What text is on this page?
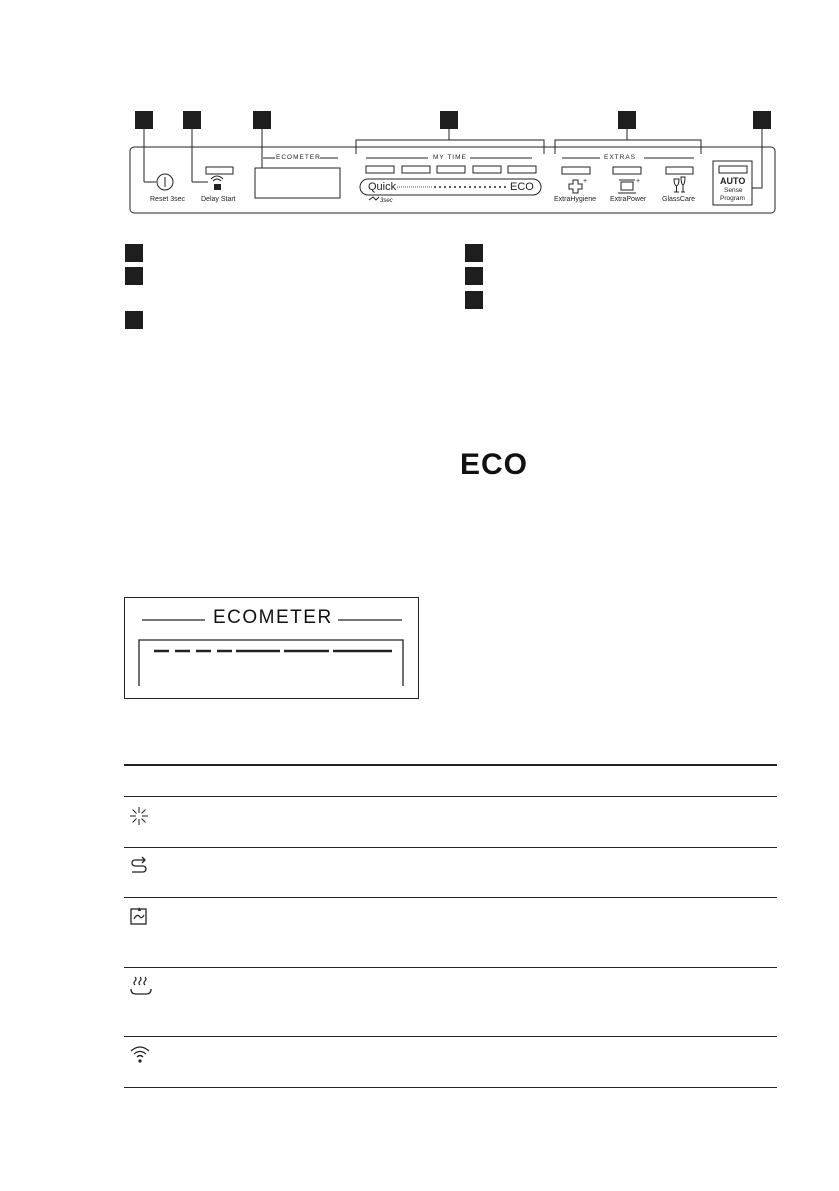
+	+
Reset 3sec Delay Start
ECOMETER	MY TIME
Quick	ECO
3sec
EXTRAS
ExtraHygiene ExtraPower GlassCare
AUTO
Sense
Program
ECO
ECOMETER
